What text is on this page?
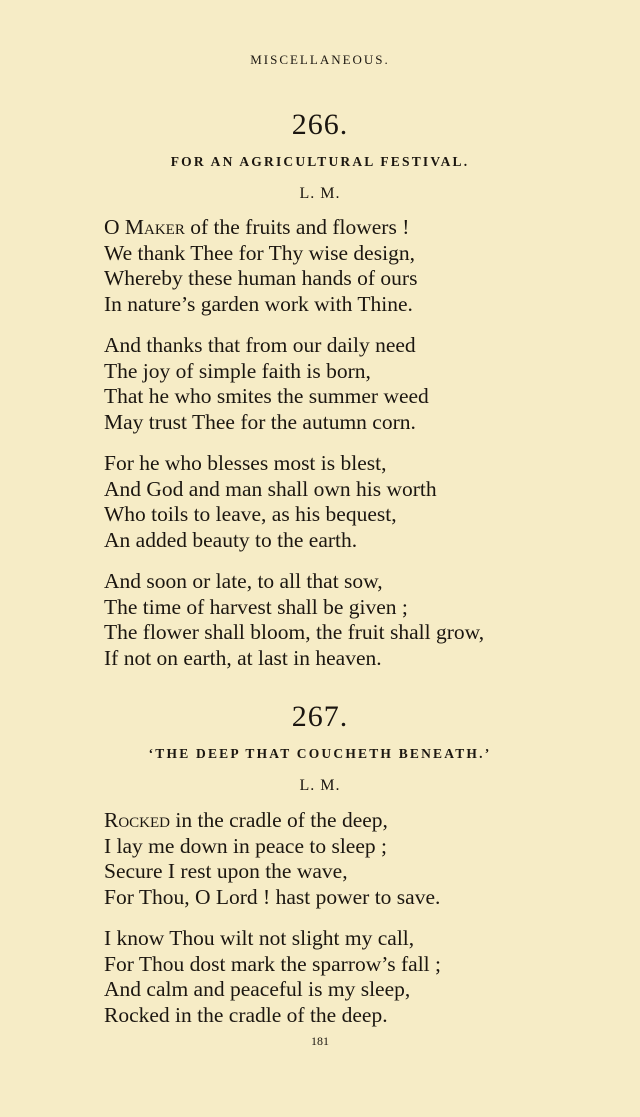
MISCELLANEOUS.
266.
FOR AN AGRICULTURAL FESTIVAL.
L. M.
O Maker of the fruits and flowers !
We thank Thee for Thy wise design,
Whereby these human hands of ours
In nature’s garden work with Thine.
And thanks that from our daily need
The joy of simple faith is born,
That he who smites the summer weed
May trust Thee for the autumn corn.
For he who blesses most is blest,
And God and man shall own his worth
Who toils to leave, as his bequest,
An added beauty to the earth.
And soon or late, to all that sow,
The time of harvest shall be given ;
The flower shall bloom, the fruit shall grow,
If not on earth, at last in heaven.
267.
‘THE DEEP THAT COUCHETH BENEATH.’
L. M.
Rocked in the cradle of the deep,
I lay me down in peace to sleep ;
Secure I rest upon the wave,
For Thou, O Lord ! hast power to save.
I know Thou wilt not slight my call,
For Thou dost mark the sparrow’s fall ;
And calm and peaceful is my sleep,
Rocked in the cradle of the deep.
181
